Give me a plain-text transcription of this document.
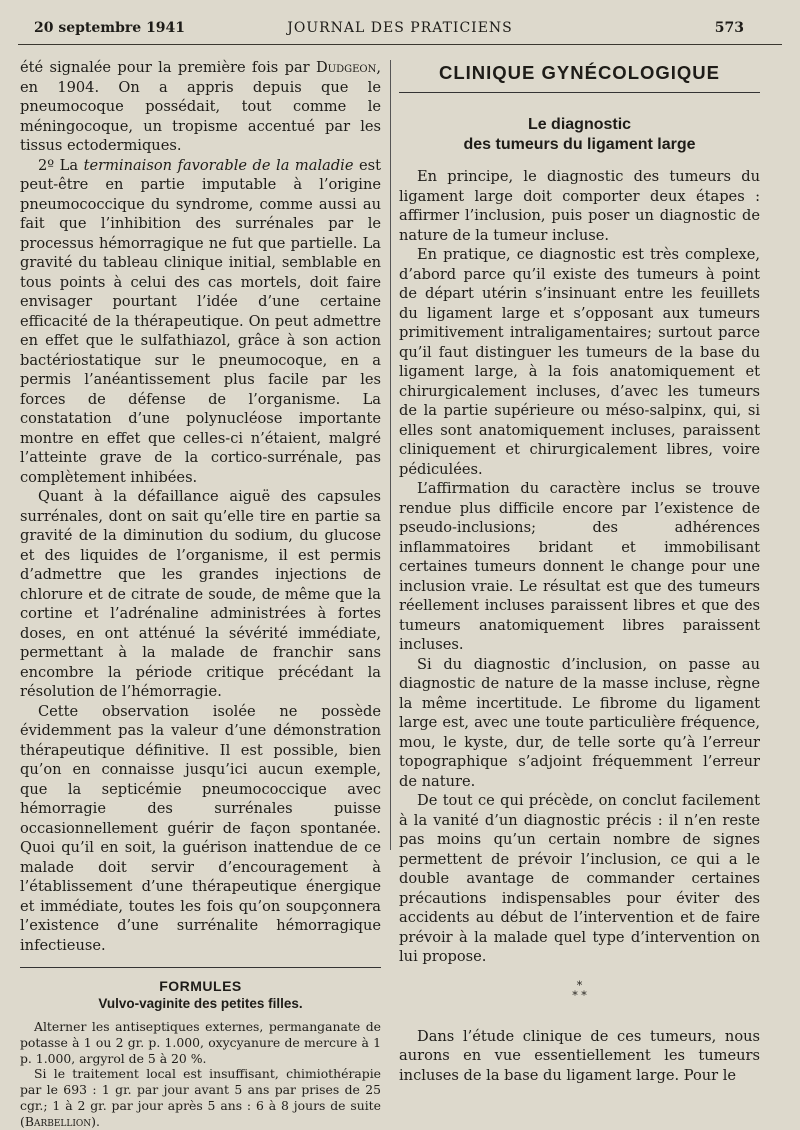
20 septembre 1941	JOURNAL DES PRATICIENS	573

été signalée pour la première fois par Dudgeon, en 1904. On a appris depuis que le pneumocoque possédait, tout comme le méningocoque, un tropisme accentué par les tissus ectodermiques.

2º La terminaison favorable de la maladie est peut-être en partie imputable à l’origine pneumococcique du syndrome, comme aussi au fait que l’inhibition des surrénales par le processus hémorragique ne fut que partielle. La gravité du tableau clinique initial, semblable en tous points à celui des cas mortels, doit faire envisager pourtant l’idée d’une certaine efficacité de la thérapeutique. On peut admettre en effet que le sulfathiazol, grâce à son action bactériostatique sur le pneumocoque, en a permis l’anéantissement plus facile par les forces de défense de l’organisme. La constatation d’une polynucléose importante montre en effet que celles-ci n’étaient, malgré l’atteinte grave de la cortico-surrénale, pas complètement inhibées.

Quant à la défaillance aiguë des capsules surrénales, dont on sait qu’elle tire en partie sa gravité de la diminution du sodium, du glucose et des liquides de l’organisme, il est permis d’admettre que les grandes injections de chlorure et de citrate de soude, de même que la cortine et l’adrénaline administrées à fortes doses, en ont atténué la sévérité immédiate, permettant à la malade de franchir sans encombre la période critique précédant la résolution de l’hémorragie.

Cette observation isolée ne possède évidemment pas la valeur d’une démonstration thérapeutique définitive. Il est possible, bien qu’on en connaisse jusqu’ici aucun exemple, que la septicémie pneumococcique avec hémorragie des surrénales puisse occasionnellement guérir de façon spontanée. Quoi qu’il en soit, la guérison inattendue de ce malade doit servir d’encouragement à l’établissement d’une thérapeutique énergique et immédiate, toutes les fois qu’on soupçonnera l’existence d’une surrénalite hémorragique infectieuse.

FORMULES
Vulvo-vaginite des petites filles.

Alterner les antiseptiques externes, permanganate de potasse à 1 ou 2 gr. p. 1.000, oxycyanure de mercure à 1 p. 1.000, argyrol de 5 à 20 %.

Si le traitement local est insuffisant, chimiothérapie par le 693 : 1 gr. par jour avant 5 ans par prises de 25 cgr.; 1 à 2 gr. par jour après 5 ans : 6 à 8 jours de suite (Barbellion).

CLINIQUE GYNÉCOLOGIQUE
Le diagnostic
des tumeurs du ligament large

En principe, le diagnostic des tumeurs du ligament large doit comporter deux étapes : affirmer l’inclusion, puis poser un diagnostic de nature de la tumeur incluse.

En pratique, ce diagnostic est très complexe, d’abord parce qu’il existe des tumeurs à point de départ utérin s’insinuant entre les feuillets du ligament large et s’opposant aux tumeurs primitivement intraligamentaires; surtout parce qu’il faut distinguer les tumeurs de la base du ligament large, à la fois anatomiquement et chirurgicalement incluses, d’avec les tumeurs de la partie supérieure ou méso-salpinx, qui, si elles sont anatomiquement incluses, paraissent cliniquement et chirurgicalement libres, voire pédiculées.

L’affirmation du caractère inclus se trouve rendue plus difficile encore par l’existence de pseudo-inclusions; des adhérences inflammatoires bridant et immobilisant certaines tumeurs donnent le change pour une inclusion vraie. Le résultat est que des tumeurs réellement incluses paraissent libres et que des tumeurs anatomiquement libres paraissent incluses.

Si du diagnostic d’inclusion, on passe au diagnostic de nature de la masse incluse, règne la même incertitude. Le fibrome du ligament large est, avec une toute particulière fréquence, mou, le kyste, dur, de telle sorte qu’à l’erreur topographique s’adjoint fréquemment l’erreur de nature.

De tout ce qui précède, on conclut facilement à la vanité d’un diagnostic précis : il n’en reste pas moins qu’un certain nombre de signes permettent de prévoir l’inclusion, ce qui a le double avantage de commander certaines précautions indispensables pour éviter des accidents au début de l’intervention et de faire prévoir à la malade quel type d’intervention on lui propose.

*
* *

Dans l’étude clinique de ces tumeurs, nous aurons en vue essentiellement les tumeurs incluses de la base du ligament large. Pour le
